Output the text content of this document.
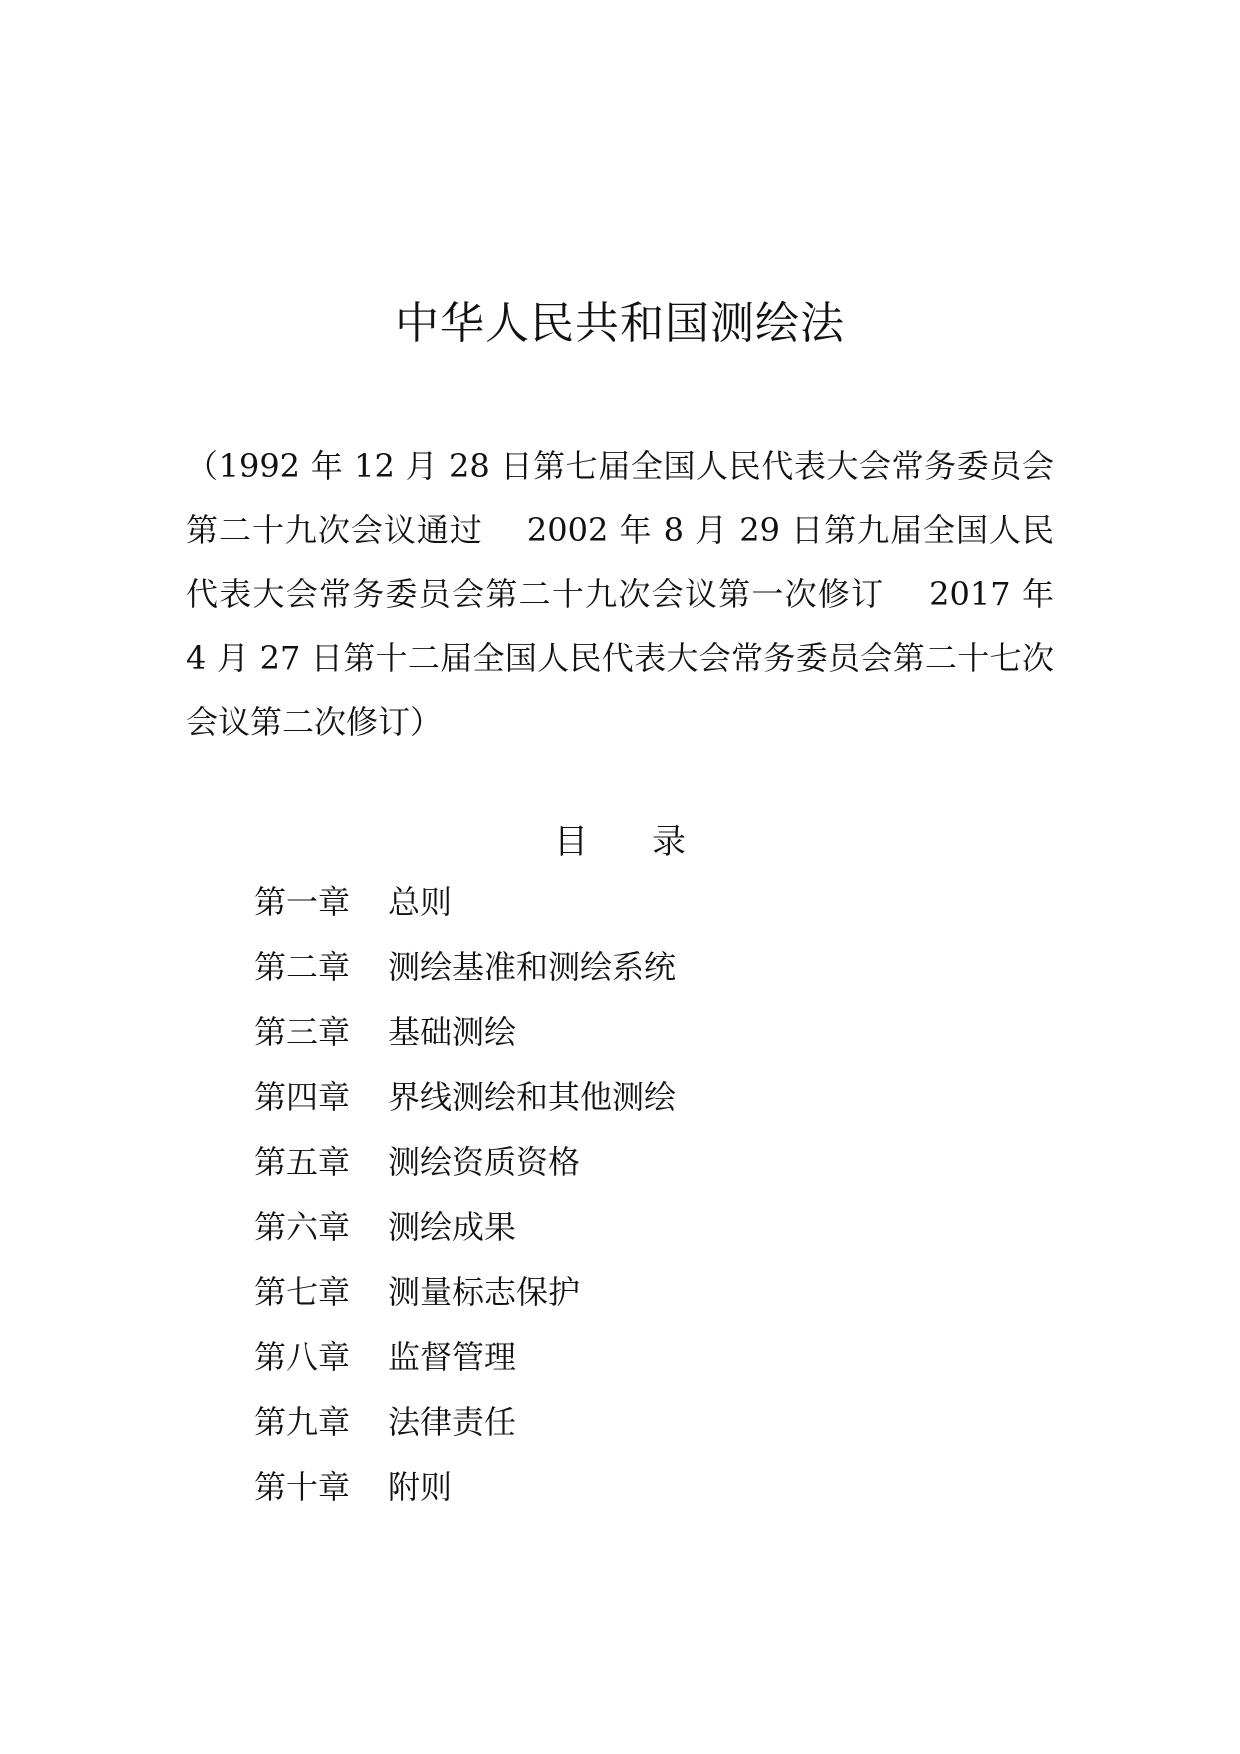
中华人民共和国测绘法

（1992 年 12 月 28 日第七届全国人民代表大会常务委员会第二十九次会议通过　 2002 年 8 月 29 日第九届全国人民代表大会常务委员会第二十九次会议第一次修订　 2017 年 4 月 27 日第十二届全国人民代表大会常务委员会第二十七次会议第二次修订）

目 录
第一章 总则
第二章 测绘基准和测绘系统
第三章 基础测绘
第四章 界线测绘和其他测绘
第五章 测绘资质资格
第六章 测绘成果
第七章 测量标志保护
第八章 监督管理
第九章 法律责任
第十章 附则
